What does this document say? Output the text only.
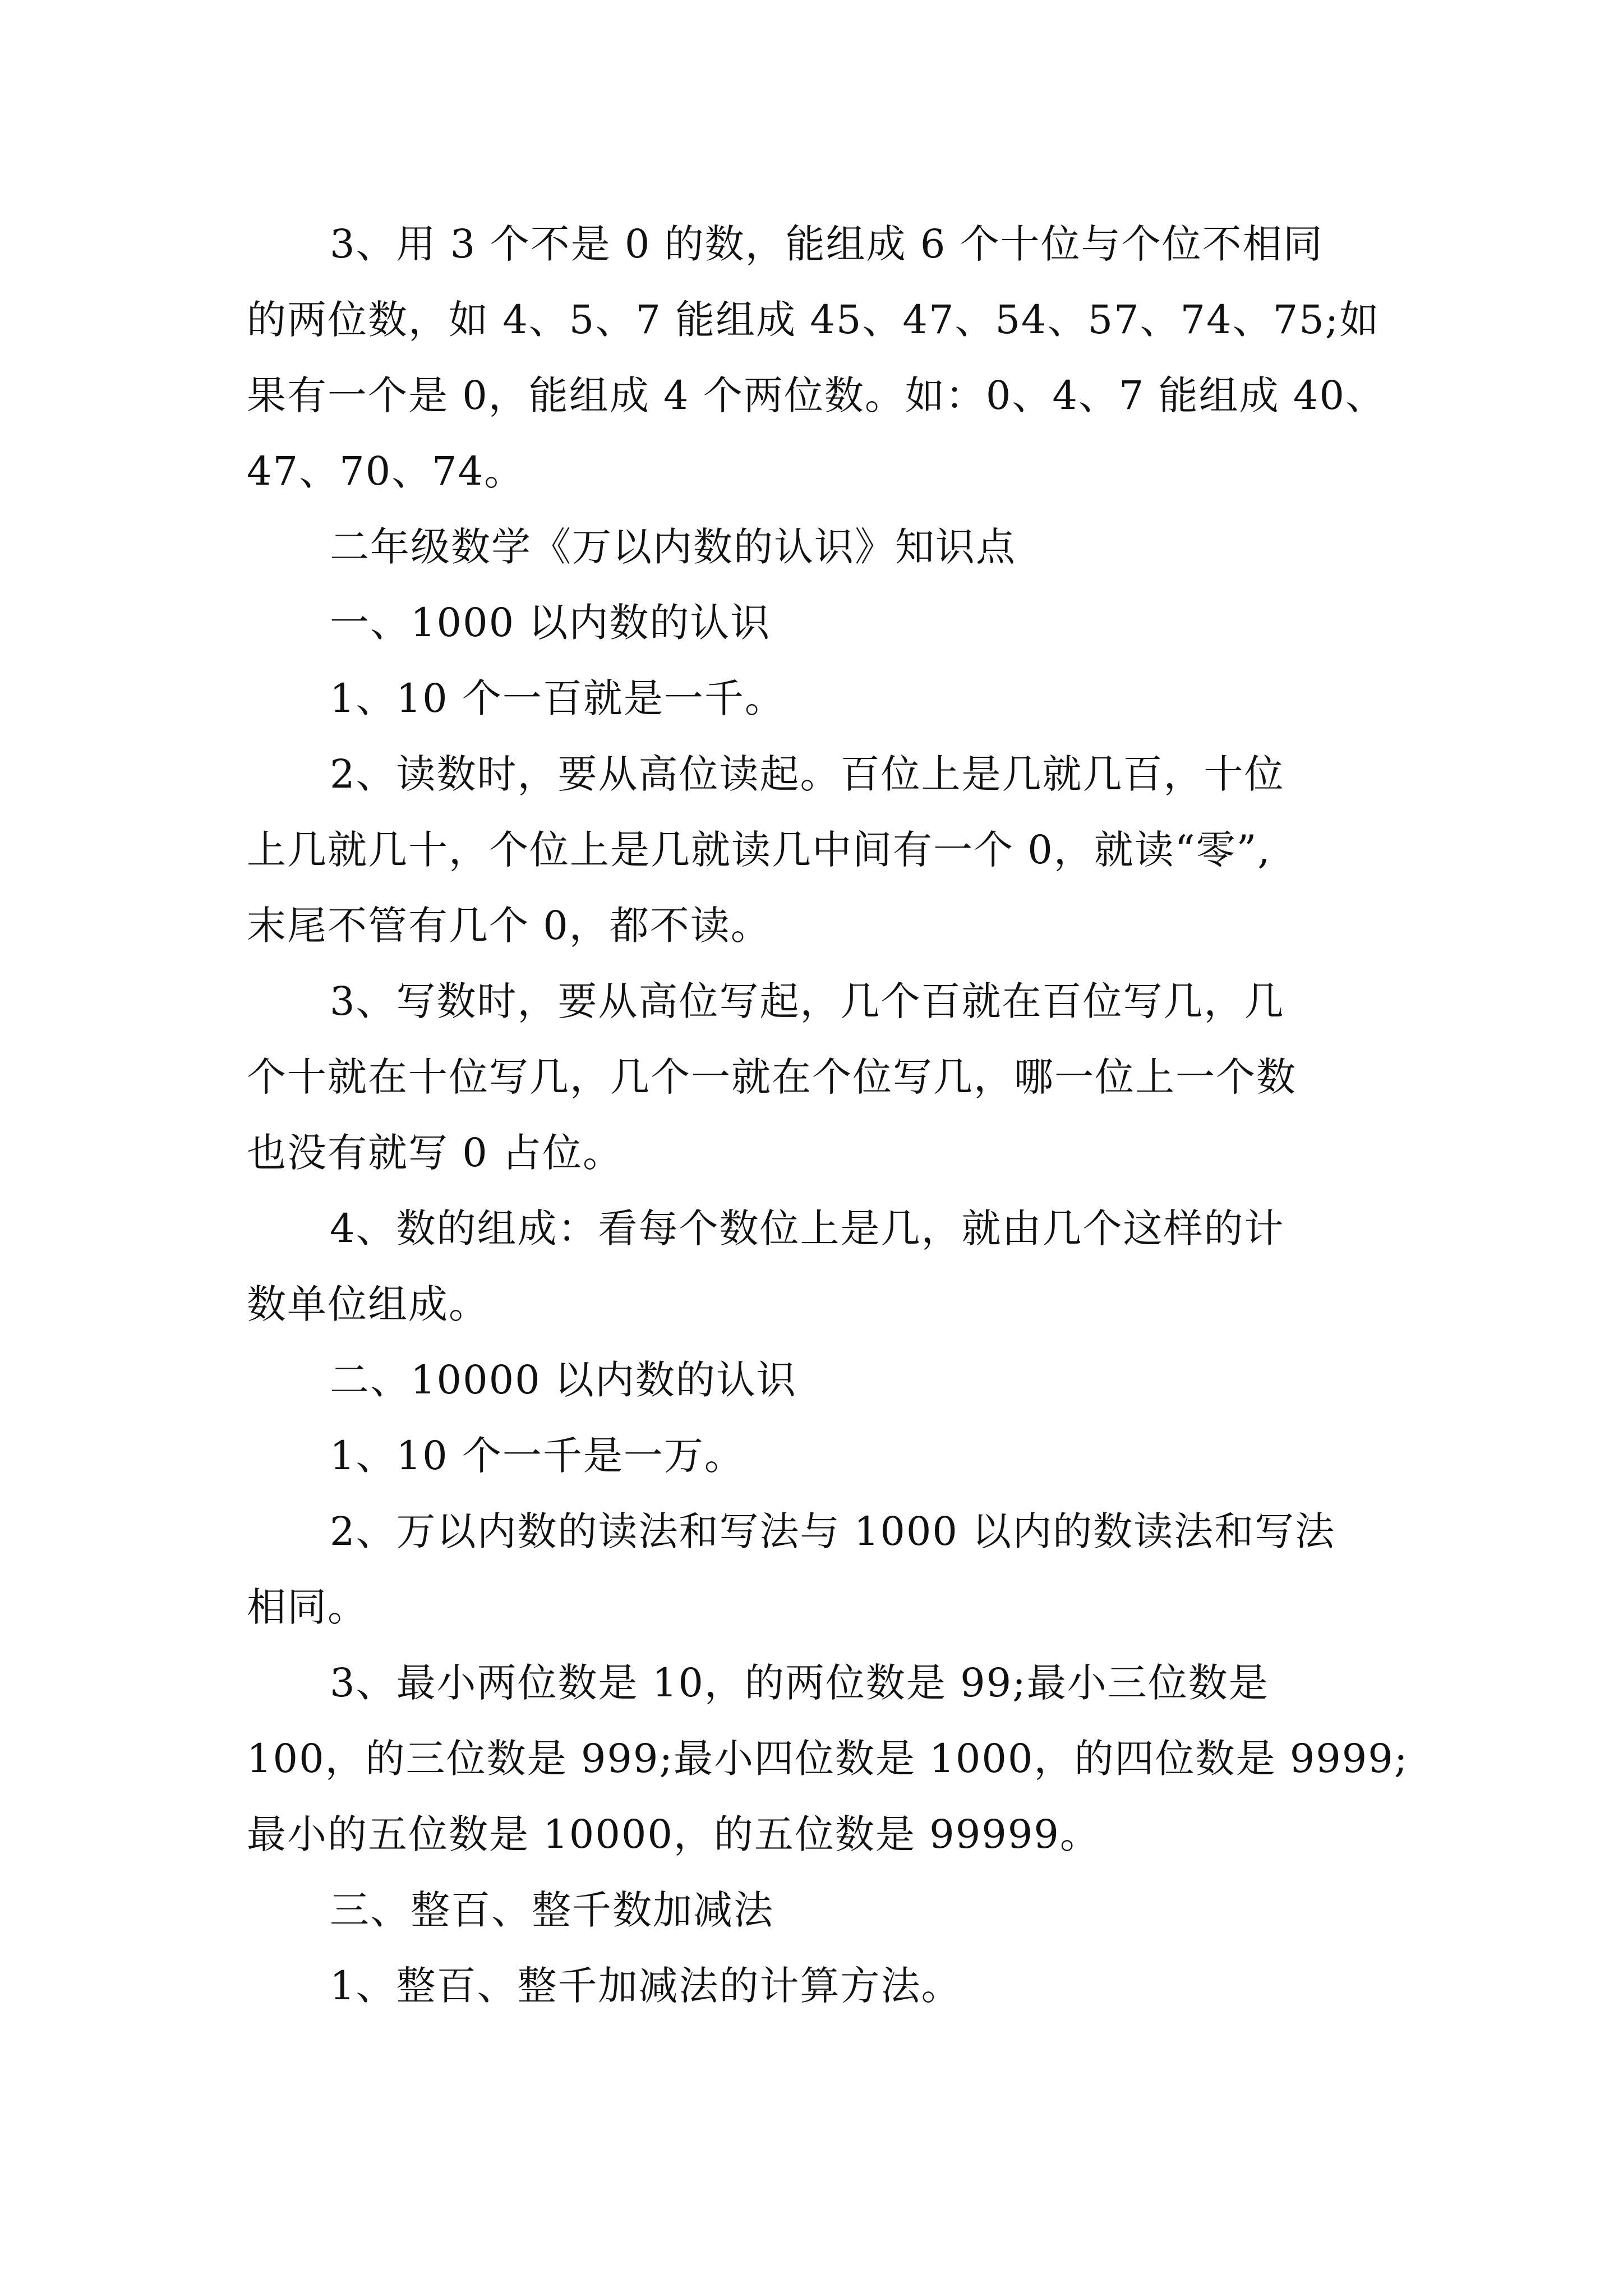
3、用 3 个不是 0 的数，能组成 6 个十位与个位不相同
的两位数，如 4、5、7 能组成 45、47、54、57、74、75;如
果有一个是 0，能组成 4 个两位数。如：0、4、7 能组成 40、
47、70、74。
二年级数学《万以内数的认识》知识点
一、1000 以内数的认识
1、10 个一百就是一千。
2、读数时，要从高位读起。百位上是几就几百，十位
上几就几十，个位上是几就读几中间有一个 0，就读“零”,
末尾不管有几个 0，都不读。
3、写数时，要从高位写起，几个百就在百位写几，几
个十就在十位写几，几个一就在个位写几，哪一位上一个数
也没有就写 0 占位。
4、数的组成：看每个数位上是几，就由几个这样的计
数单位组成。
二、10000 以内数的认识
1、10 个一千是一万。
2、万以内数的读法和写法与 1000 以内的数读法和写法
相同。
3、最小两位数是 10，的两位数是 99;最小三位数是
100，的三位数是 999;最小四位数是 1000，的四位数是 9999;
最小的五位数是 10000，的五位数是 99999。
三、整百、整千数加减法
1、整百、整千加减法的计算方法。
